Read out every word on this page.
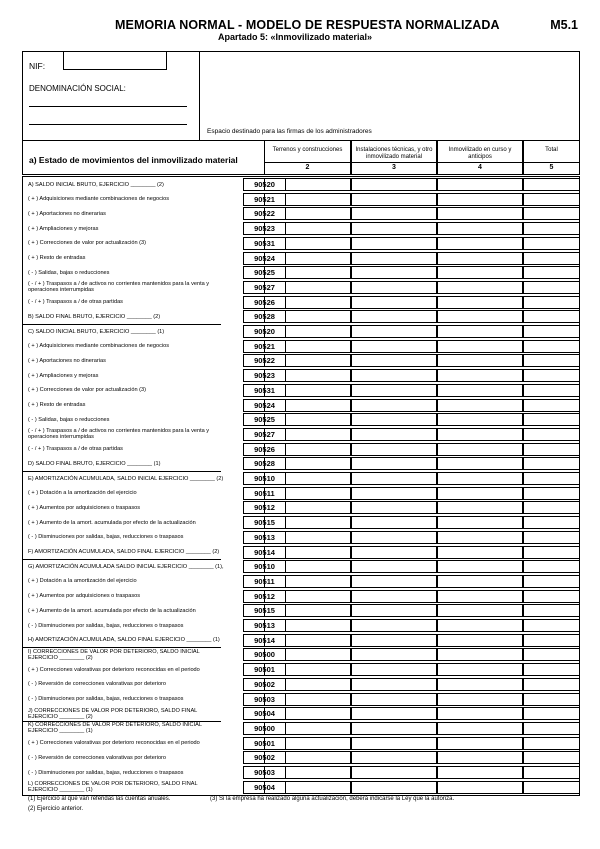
MEMORIA NORMAL - MODELO DE RESPUESTA NORMALIZADA	M5.1
Apartado 5: «Inmovilizado material»
NIF:
DENOMINACIÓN SOCIAL:
Espacio destinado para las firmas de los administradores
a) Estado de movimientos del inmovilizado material
Terrenos y construcciones
2
Instalaciones técnicas, y otro inmovilizado material
3
Inmovilizado en curso y anticipos
4
Total
5
A) SALDO INICIAL BRUTO, EJERCICIO ________ (2)	90520
( + ) Adquisiciones mediante combinaciones de negocios	90521
( + ) Aportaciones no dinerarias	90522
( + ) Ampliaciones y mejoras	90523
( + ) Correcciones de valor por actualización (3)	90531
( + ) Resto de entradas	90524
( - ) Salidas, bajas o reducciones	90525
( - / + ) Traspasos a / de activos no corrientes mantenidos para la venta y operaciones interrumpidas	90527
( - / + ) Traspasos a / de otras partidas	90526
B) SALDO FINAL BRUTO, EJERCICIO ________ (2)	90528
C) SALDO INICIAL BRUTO, EJERCICIO ________ (1)	90520
( + ) Adquisiciones mediante combinaciones de negocios	90521
( + ) Aportaciones no dinerarias	90522
( + ) Ampliaciones y mejoras	90523
( + ) Correcciones de valor por actualización (3)	90531
( + ) Resto de entradas	90524
( - ) Salidas, bajas o reducciones	90525
( - / + ) Traspasos a / de activos no corrientes mantenidos para la venta y operaciones interrumpidas	90527
( - / + ) Traspasos a / de otras partidas	90526
D) SALDO FINAL BRUTO, EJERCICIO ________ (1)	90528
E) AMORTIZACIÓN ACUMULADA, SALDO INICIAL EJERCICIO ________ (2)	90510
( + ) Dotación a la amortización del ejercicio	90511
( + ) Aumentos por adquisiciones o traspasos	90512
( + ) Aumento de la amort. acumulada por efecto de la actualización	90515
( - ) Disminuciones por salidas, bajas, reducciones o traspasos	90513
F) AMORTIZACIÓN ACUMULADA, SALDO FINAL EJERCICIO ________ (2)	90514
G) AMORTIZACIÓN ACUMULADA SALDO INICIAL EJERCICIO ________ (1),	90510
( + ) Dotación a la amortización del ejercicio	90511
( + ) Aumentos por adquisiciones o traspasos	90512
( + ) Aumento de la amort. acumulada por efecto de la actualización	90515
( - ) Disminuciones por salidas, bajas, reducciones o traspasos	90513
H) AMORTIZACIÓN ACUMULADA, SALDO FINAL EJERCICIO ________ (1)	90514
I) CORRECCIONES DE VALOR POR DETERIORO, SALDO INICIAL EJERCICIO ________ (2)	90500
( + ) Correcciones valorativas por deterioro reconocidas en el periodo	90501
( - ) Reversión de correcciones valorativas por deterioro	90502
( - ) Disminuciones por salidas, bajas, reducciones o traspasos	90503
J) CORRECCIONES DE VALOR POR DETERIORO, SALDO FINAL EJERCICIO ________ (2)	90504
K) CORRECCIONES DE VALOR POR DETERIORO, SALDO INICIAL EJERCICIO ________ (1)	90500
( + ) Correcciones valorativas por deterioro reconocidas en el periodo	90501
( - ) Reversión de correcciones valorativas por deterioro	90502
( - ) Disminuciones por salidas, bajas, reducciones o traspasos	90503
L) CORRECCIONES DE VALOR POR DETERIORO, SALDO FINAL EJERCICIO ________ (1)	90504
(1) Ejercicio al que van referidas las cuentas anuales.
(2) Ejercicio anterior.
(3) Si la empresa ha realizado alguna actualización, deberá indicarse la Ley que la autoriza.
